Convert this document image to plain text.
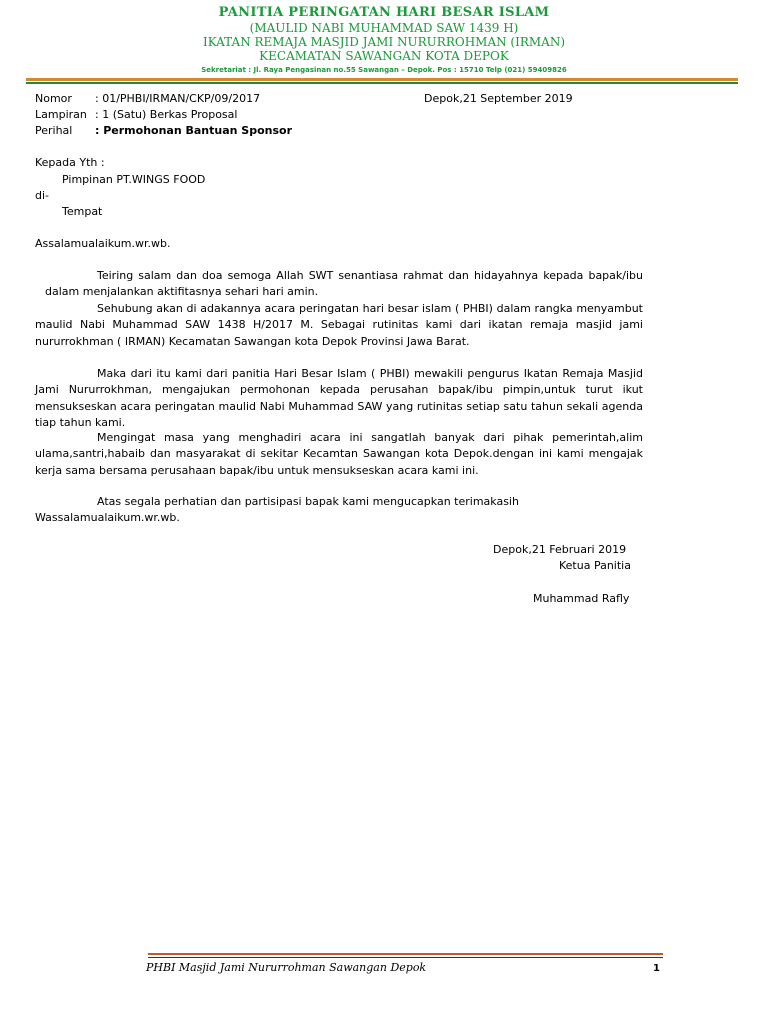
PANITIA PERINGATAN HARI BESAR ISLAM
(MAULID NABI MUHAMMAD SAW 1439 H)
IKATAN REMAJA MASJID JAMI NURURROHMAN (IRMAN)
KECAMATAN SAWANGAN KOTA DEPOK
Sekretariat : Jl. Raya Pengasinan no.55 Sawangan – Depok. Pos : 15710 Telp (021) 59409826
Nomor : 01/PHBI/IRMAN/CKP/09/2017	Depok,21 September 2019
Lampiran : 1 (Satu) Berkas Proposal
Perihal : Permohonan Bantuan Sponsor
Kepada Yth :
Pimpinan PT.WINGS FOOD
di-
Tempat
Assalamualaikum.wr.wb.

Teiring salam dan doa semoga Allah SWT senantiasa rahmat dan hidayahnya kepada bapak/ibu dalam menjalankan aktifitasnya sehari hari amin.

Sehubung akan di adakannya acara peringatan hari besar islam ( PHBI) dalam rangka menyambut maulid Nabi Muhammad SAW 1438 H/2017 M. Sebagai rutinitas kami dari ikatan remaja masjid jami nururrokhman ( IRMAN) Kecamatan Sawangan kota Depok Provinsi Jawa Barat.

Maka dari itu kami dari panitia Hari Besar Islam ( PHBI) mewakili pengurus Ikatan Remaja Masjid Jami Nururrokhman, mengajukan permohonan kepada perusahan bapak/ibu pimpin,untuk turut ikut mensukseskan acara peringatan maulid Nabi Muhammad SAW yang rutinitas setiap satu tahun sekali agenda tiap tahun kami.

Mengingat masa yang menghadiri acara ini sangatlah banyak dari pihak pemerintah,alim ulama,santri,habaib dan masyarakat di sekitar Kecamtan Sawangan kota Depok.dengan ini kami mengajak kerja sama bersama perusahaan bapak/ibu untuk mensukseskan acara kami ini.

Atas segala perhatian dan partisipasi bapak kami mengucapkan terimakasih

Wassalamualaikum.wr.wb.
Depok,21 Februari 2019
Ketua Panitia
Muhammad Rafly
PHBI Masjid Jami Nururrohman Sawangan Depok	1
